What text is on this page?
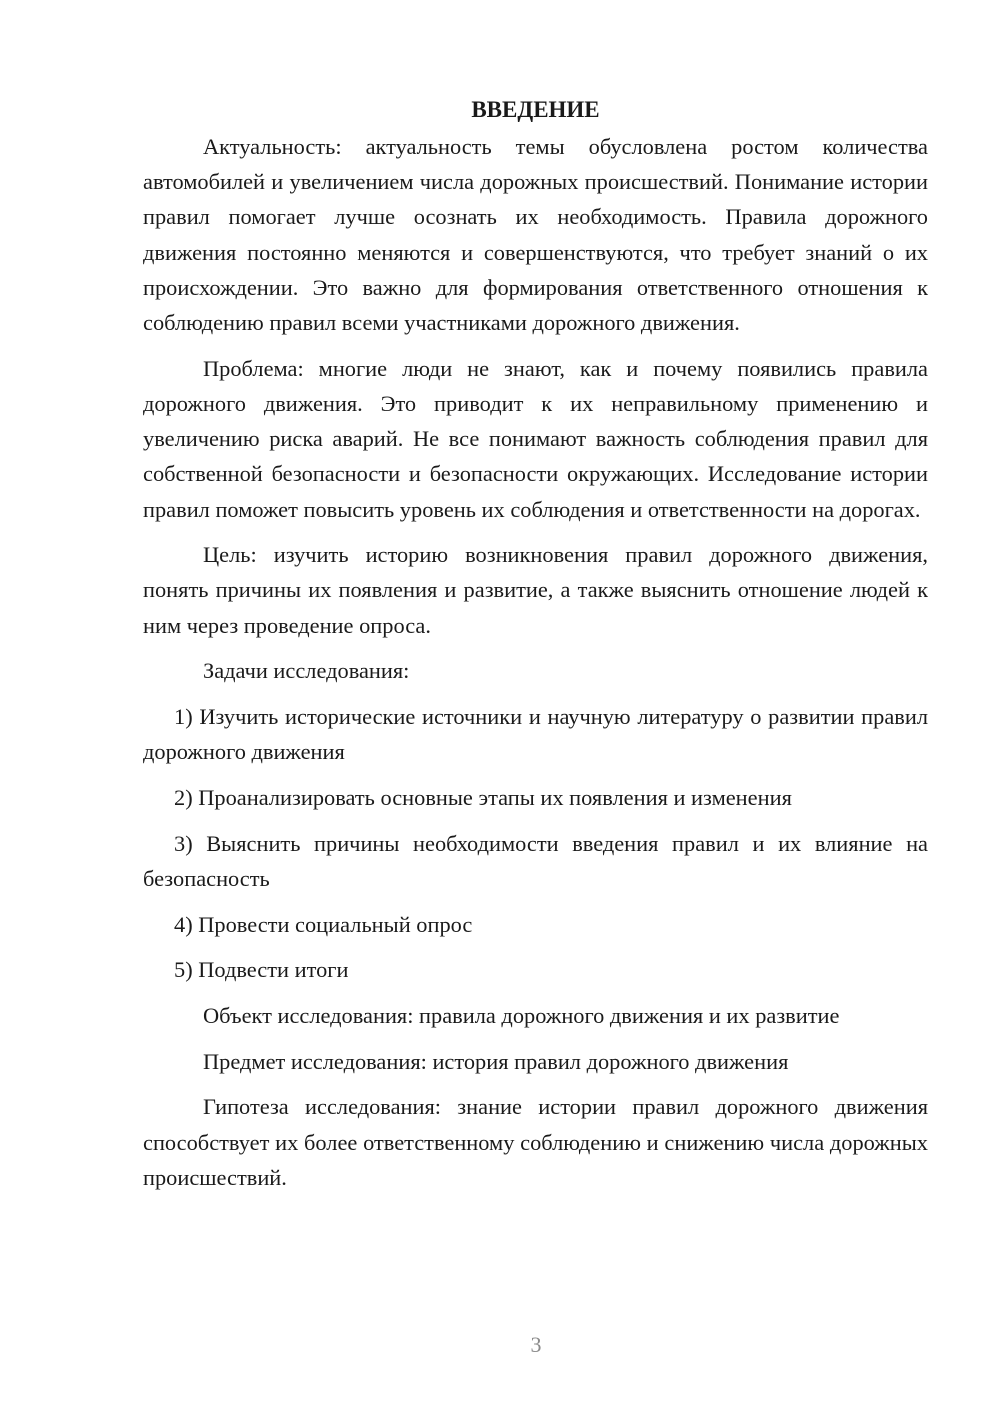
ВВЕДЕНИЕ

Актуальность: актуальность темы обусловлена ростом количества автомобилей и увеличением числа дорожных происшествий. Понимание истории правил помогает лучше осознать их необходимость. Правила дорожного движения постоянно меняются и совершенствуются, что требует знаний о их происхождении. Это важно для формирования ответственного отношения к соблюдению правил всеми участниками дорожного движения.

Проблема: многие люди не знают, как и почему появились правила дорожного движения. Это приводит к их неправильному применению и увеличению риска аварий. Не все понимают важность соблюдения правил для собственной безопасности и безопасности окружающих. Исследование истории правил поможет повысить уровень их соблюдения и ответственности на дорогах.

Цель: изучить историю возникновения правил дорожного движения, понять причины их появления и развитие, а также выяснить отношение людей к ним через проведение опроса.

Задачи исследования:

1) Изучить исторические источники и научную литературу о развитии правил дорожного движения

2) Проанализировать основные этапы их появления и изменения

3) Выяснить причины необходимости введения правил и их влияние на безопасность

4) Провести социальный опрос

5) Подвести итоги

Объект исследования: правила дорожного движения и их развитие

Предмет исследования: история правил дорожного движения

Гипотеза исследования: знание истории правил дорожного движения способствует их более ответственному соблюдению и снижению числа дорожных происшествий.

3
